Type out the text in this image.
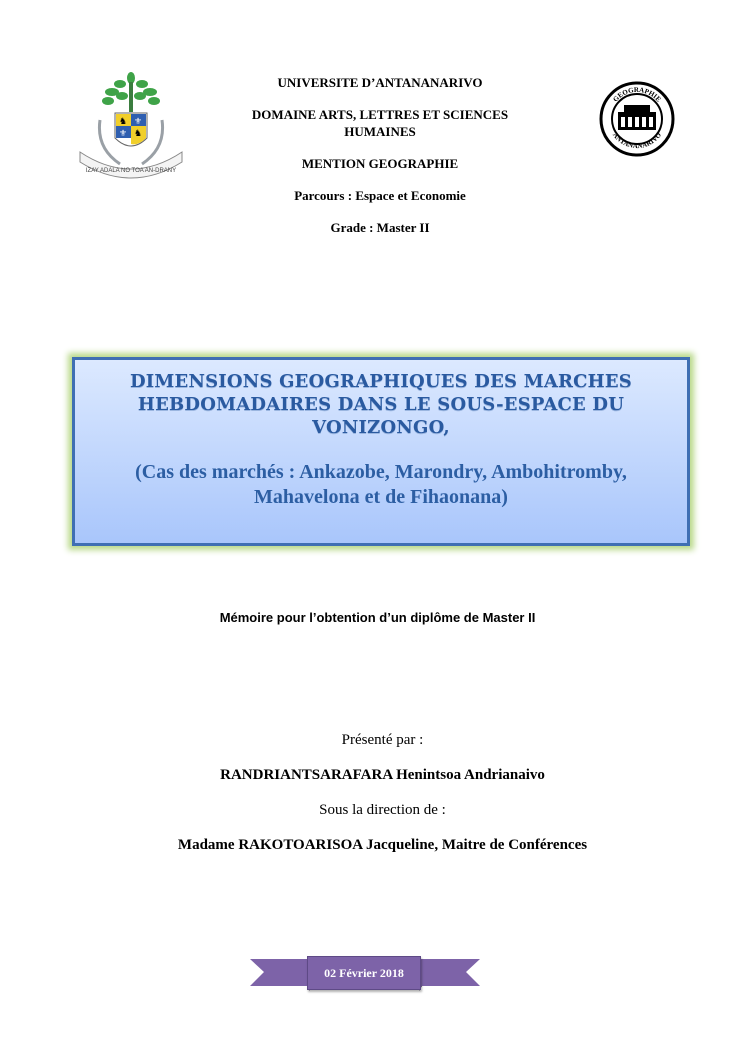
♞ ⚜
⚜ ♞
IZAY ADALA NO TOA AN-DRANY
UNIVERSITE D’ANTANANARIVO
DOMAINE ARTS, LETTRES ET SCIENCES HUMAINES
MENTION GEOGRAPHIE
Parcours : Espace et Economie
Grade : Master II
GEOGRAPHIE
ANTANANARIVO
DIMENSIONS GEOGRAPHIQUES DES MARCHES HEBDOMADAIRES DANS LE SOUS-ESPACE DU VONIZONGO,
(Cas des marchés : Ankazobe, Marondry, Ambohitromby, Mahavelona et de Fihaonana)
Mémoire pour l’obtention d’un diplôme de Master II
Présenté par :
RANDRIANTSARAFARA Henintsoa Andrianaivo
Sous la direction de :
Madame RAKOTOARISOA Jacqueline, Maitre de Conférences
02 Février 2018
